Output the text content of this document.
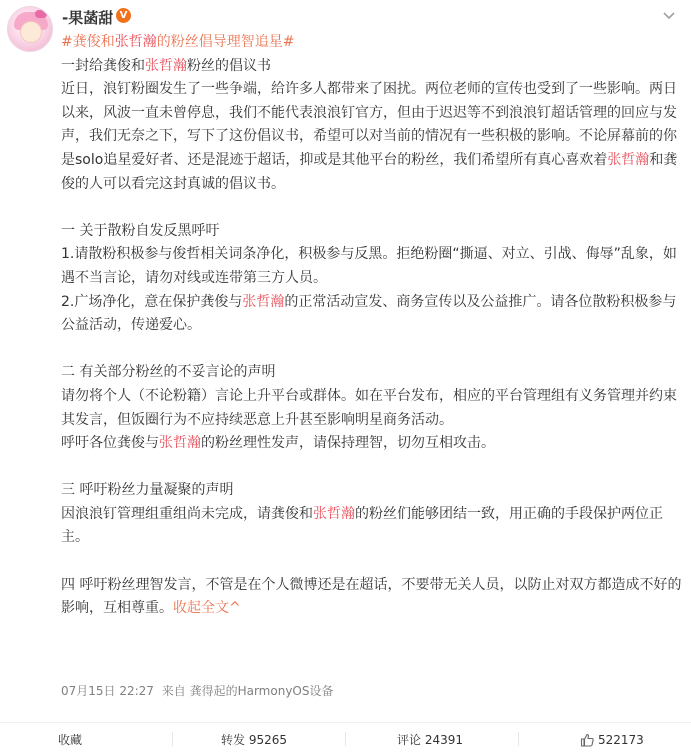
-果菡甜 V

#龚俊和张哲瀚的粉丝倡导理智追星#

一封给龚俊和张哲瀚粉丝的倡议书

近日，浪钉粉圈发生了一些争端，给许多人都带来了困扰。两位老师的宣传也受到了一些影响。两日以来，风波一直未曾停息，我们不能代表浪浪钉官方，但由于迟迟等不到浪浪钉超话管理的回应与发声，我们无奈之下，写下了这份倡议书，希望可以对当前的情况有一些积极的影响。不论屏幕前的你是solo追星爱好者、还是混迹于超话，抑或是其他平台的粉丝，我们希望所有真心喜欢着张哲瀚和龚俊的人可以看完这封真诚的倡议书。

一 关于散粉自发反黑呼吁

1.请散粉积极参与俊哲相关词条净化，积极参与反黑。拒绝粉圈“撕逼、对立、引战、侮辱”乱象，如遇不当言论，请勿对线或连带第三方人员。

2.广场净化，意在保护龚俊与张哲瀚的正常活动宣发、商务宣传以及公益推广。请各位散粉积极参与公益活动，传递爱心。

二 有关部分粉丝的不妥言论的声明

请勿将个人（不论粉籍）言论上升平台或群体。如在平台发布，相应的平台管理组有义务管理并约束其发言，但饭圈行为不应持续恶意上升甚至影响明星商务活动。

呼吁各位龚俊与张哲瀚的粉丝理性发声，请保持理智，切勿互相攻击。

三 呼吁粉丝力量凝聚的声明

因浪浪钉管理组重组尚未完成，请龚俊和张哲瀚的粉丝们能够团结一致，用正确的手段保护两位正主。

四 呼吁粉丝理智发言，不管是在个人微博还是在超话，不要带无关人员，以防止对双方都造成不好的影响，互相尊重。收起全文^

07月15日 22:27 来自 龚得起的HarmonyOS设备
收藏	转发 95265	评论 24391	522173
